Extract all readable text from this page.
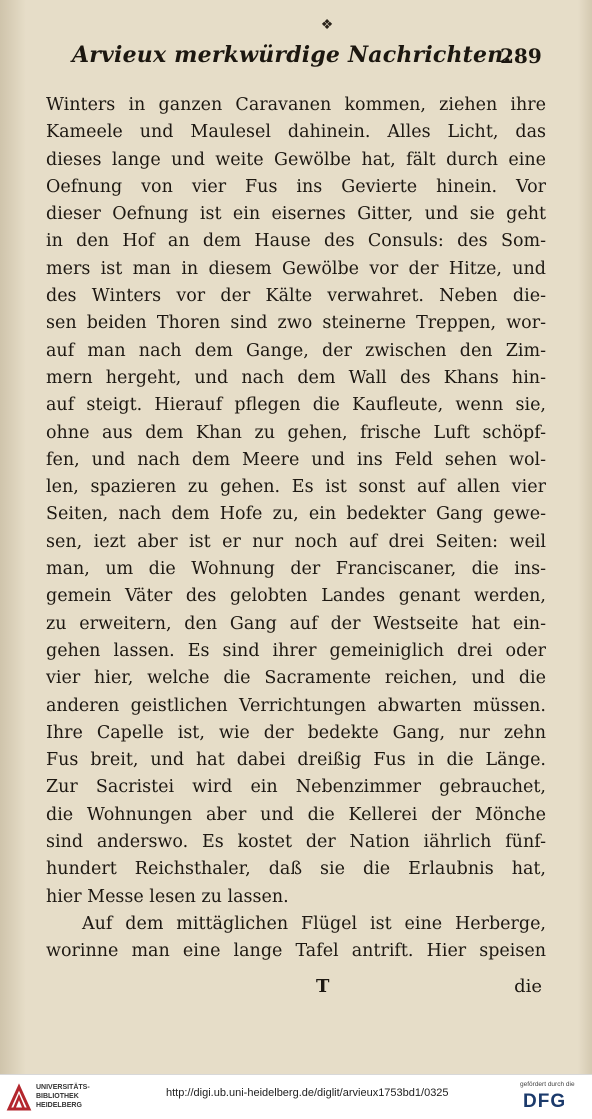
❖
Arvieux merkwürdige Nachrichten.
289
Winters in ganzen Caravanen kommen, ziehen ihre
Kameele und Maulesel dahinein. Alles Licht, das
dieses lange und weite Gewölbe hat, fält durch eine
Oefnung von vier Fus ins Gevierte hinein. Vor
dieser Oefnung ist ein eisernes Gitter, und sie geht
in den Hof an dem Hause des Consuls: des Som-
mers ist man in diesem Gewölbe vor der Hitze, und
des Winters vor der Kälte verwahret. Neben die-
sen beiden Thoren sind zwo steinerne Treppen, wor-
auf man nach dem Gange, der zwischen den Zim-
mern hergeht, und nach dem Wall des Khans hin-
auf steigt. Hierauf pflegen die Kaufleute, wenn sie,
ohne aus dem Khan zu gehen, frische Luft schöpf-
fen, und nach dem Meere und ins Feld sehen wol-
len, spazieren zu gehen. Es ist sonst auf allen vier
Seiten, nach dem Hofe zu, ein bedekter Gang gewe-
sen, iezt aber ist er nur noch auf drei Seiten: weil
man, um die Wohnung der Franciscaner, die ins-
gemein Väter des gelobten Landes genant werden,
zu erweitern, den Gang auf der Westseite hat ein-
gehen lassen. Es sind ihrer gemeiniglich drei oder
vier hier, welche die Sacramente reichen, und die
anderen geistlichen Verrichtungen abwarten müssen.
Ihre Capelle ist, wie der bedekte Gang, nur zehn
Fus breit, und hat dabei dreißig Fus in die Länge.
Zur Sacristei wird ein Nebenzimmer gebrauchet,
die Wohnungen aber und die Kellerei der Mönche
sind anderswo. Es kostet der Nation iährlich fünf-
hundert Reichsthaler, daß sie die Erlaubnis hat,
hier Messe lesen zu lassen.
Auf dem mittäglichen Flügel ist eine Herberge,
worinne man eine lange Tafel antrift. Hier speisen
T	die
UNIVERSITÄTS-BIBLIOTHEK HEIDELBERG
http://digi.ub.uni-heidelberg.de/diglit/arvieux1753bd1/0325
gefördert durch die
DFG
